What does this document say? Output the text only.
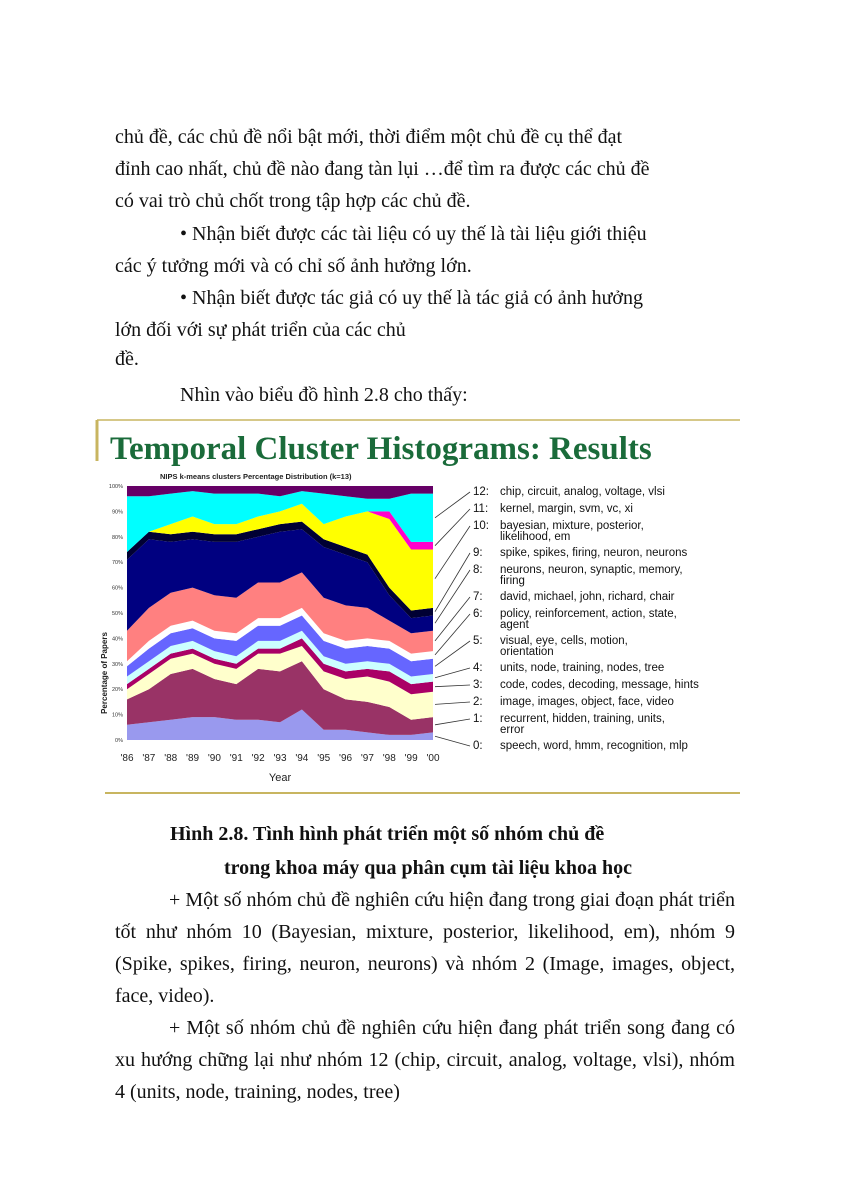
chủ đề, các chủ đề nổi bật mới, thời điểm một chủ đề cụ thể đạt
đỉnh cao nhất, chủ đề nào đang tàn lụi …để tìm ra được các chủ đề
có vai trò chủ chốt trong tập hợp các chủ đề.
• Nhận biết được các tài liệu có uy thế là tài liệu giới thiệu
các ý tưởng mới và có chỉ số ảnh hưởng lớn.
• Nhận biết được tác giả có uy thế là tác giả có ảnh hưởng
lớn đối với sự phát triển của các chủ
đề.
Nhìn vào biểu đồ hình 2.8 cho thấy:
Temporal Cluster Histograms: Results
NIPS k-means clusters Percentage Distribution (k=13)
0%
10%
20%
30%
40%
50%
60%
70%
80%
90%
100%
'86 '87 '88 '89 '90 '91 '92 '93 '94 '95 '96 '97 '98 '99 '00
Percentage of Papers
Year
12: chip, circuit, analog, voltage, vlsi
11: kernel, margin, svm, vc, xi
10: bayesian, mixture, posterior,
likelihood, em
9: spike, spikes, firing, neuron, neurons
8: neurons, neuron, synaptic, memory,
firing
7: david, michael, john, richard, chair
6: policy, reinforcement, action, state,
agent
5: visual, eye, cells, motion,
orientation
4: units, node, training, nodes, tree
3: code, codes, decoding, message, hints
2: image, images, object, face, video
1: recurrent, hidden, training, units,
error
0: speech, word, hmm, recognition, mlp
Hình 2.8. Tình hình phát triển một số nhóm chủ đề
trong khoa máy qua phân cụm tài liệu khoa học

+ Một số nhóm chủ đề nghiên cứu hiện đang trong giai đoạn phát triển tốt như nhóm 10 (Bayesian, mixture, posterior, likelihood, em), nhóm 9 (Spike, spikes, firing, neuron, neurons) và nhóm 2 (Image, images, object, face, video).

+ Một số nhóm chủ đề nghiên cứu hiện đang phát triển song đang có xu hướng chững lại như nhóm 12 (chip, circuit, analog, voltage, vlsi), nhóm 4 (units, node, training, nodes, tree)
